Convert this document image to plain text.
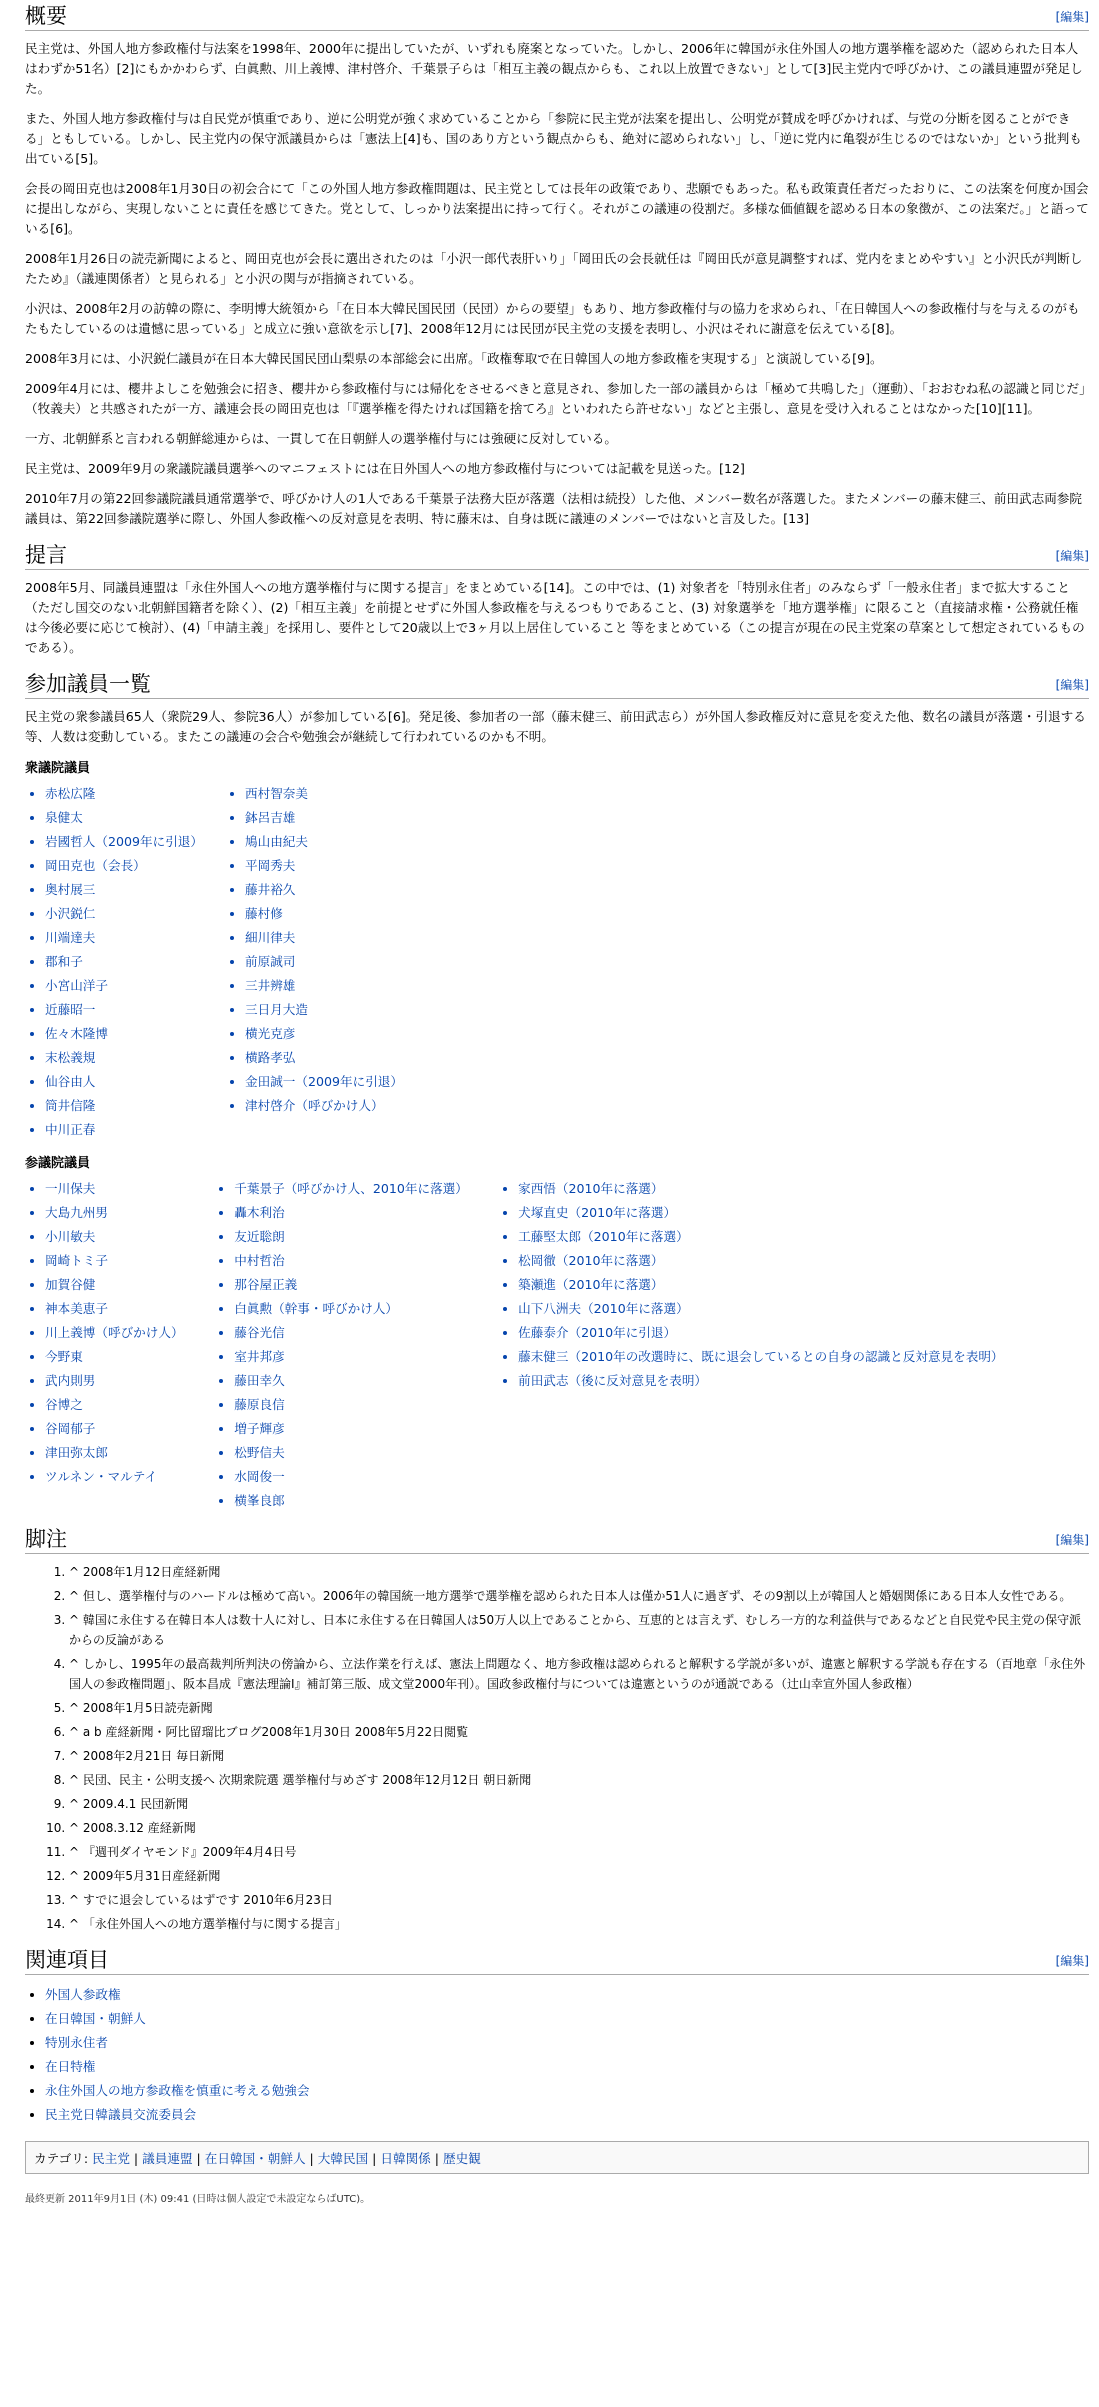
概要	[編集]

民主党は、外国人地方参政権付与法案を1998年、2000年に提出していたが、いずれも廃案となっていた。しかし、2006年に韓国が永住外国人の地方選挙権を認めた（認められた日本人はわずか51名）[2]にもかかわらず、白眞勲、川上義博、津村啓介、千葉景子らは「相互主義の観点からも、これ以上放置できない」として[3]民主党内で呼びかけ、この議員連盟が発足した。

また、外国人地方参政権付与は自民党が慎重であり、逆に公明党が強く求めていることから「参院に民主党が法案を提出し、公明党が賛成を呼びかければ、与党の分断を図ることができる」ともしている。しかし、民主党内の保守派議員からは「憲法上[4]も、国のあり方という観点からも、絶対に認められない」し、「逆に党内に亀裂が生じるのではないか」という批判も出ている[5]。

会長の岡田克也は2008年1月30日の初会合にて「この外国人地方参政権問題は、民主党としては長年の政策であり、悲願でもあった。私も政策責任者だったおりに、この法案を何度か国会に提出しながら、実現しないことに責任を感じてきた。党として、しっかり法案提出に持って行く。それがこの議連の役割だ。多様な価値観を認める日本の象徴が、この法案だ。」と語っている[6]。

2008年1月26日の読売新聞によると、岡田克也が会長に選出されたのは「小沢一郎代表肝いり」「岡田氏の会長就任は『岡田氏が意見調整すれば、党内をまとめやすい』と小沢氏が判断したため』（議連関係者）と見られる」と小沢の関与が指摘されている。

小沢は、2008年2月の訪韓の際に、李明博大統領から「在日本大韓民国民団（民団）からの要望」もあり、地方参政権付与の協力を求められ、「在日韓国人への参政権付与を与えるのがもたもたしているのは遺憾に思っている」と成立に強い意欲を示し[7]、2008年12月には民団が民主党の支援を表明し、小沢はそれに謝意を伝えている[8]。

2008年3月には、小沢鋭仁議員が在日本大韓民国民団山梨県の本部総会に出席。「政権奪取で在日韓国人の地方参政権を実現する」と演説している[9]。

2009年4月には、櫻井よしこを勉強会に招き、櫻井から参政権付与には帰化をさせるべきと意見され、参加した一部の議員からは「極めて共鳴した」（運動）、「おおむね私の認識と同じだ」（牧義夫）と共感されたが一方、議連会長の岡田克也は「『選挙権を得たければ国籍を捨てろ』といわれたら許せない」などと主張し、意見を受け入れることはなかった[10][11]。

一方、北朝鮮系と言われる朝鮮総連からは、一貫して在日朝鮮人の選挙権付与には強硬に反対している。

民主党は、2009年9月の衆議院議員選挙へのマニフェストには在日外国人への地方参政権付与については記載を見送った。[12]

2010年7月の第22回参議院議員通常選挙で、呼びかけ人の1人である千葉景子法務大臣が落選（法相は続投）した他、メンバー数名が落選した。またメンバーの藤末健三、前田武志両参院議員は、第22回参議院選挙に際し、外国人参政権への反対意見を表明、特に藤末は、自身は既に議連のメンバーではないと言及した。[13]

提言	[編集]

2008年5月、同議員連盟は「永住外国人への地方選挙権付与に関する提言」をまとめている[14]。この中では、(1) 対象者を「特別永住者」のみならず「一般永住者」まで拡大すること（ただし国交のない北朝鮮国籍者を除く）、(2)「相互主義」を前提とせずに外国人参政権を与えるつもりであること、(3) 対象選挙を「地方選挙権」に限ること（直接請求権・公務就任権は今後必要に応じて検討）、(4)「申請主義」を採用し、要件として20歳以上で3ヶ月以上居住していること 等をまとめている（この提言が現在の民主党案の草案として想定されているものである）。

参加議員一覧	[編集]

民主党の衆参議員65人（衆院29人、参院36人）が参加している[6]。発足後、参加者の一部（藤末健三、前田武志ら）が外国人参政権反対に意見を変えた他、数名の議員が落選・引退する等、人数は変動している。またこの議連の会合や勉強会が継続して行われているのかも不明。

衆議院議員
• 赤松広隆
• 泉健太
• 岩國哲人（2009年に引退）
• 岡田克也（会長）
• 奥村展三
• 小沢鋭仁
• 川端達夫
• 郡和子
• 小宮山洋子
• 近藤昭一
• 佐々木隆博
• 末松義規
• 仙谷由人
• 筒井信隆
• 中川正春
• 西村智奈美
• 鉢呂吉雄
• 鳩山由紀夫
• 平岡秀夫
• 藤井裕久
• 藤村修
• 細川律夫
• 前原誠司
• 三井辨雄
• 三日月大造
• 横光克彦
• 横路孝弘
• 金田誠一（2009年に引退）
• 津村啓介（呼びかけ人）
参議院議員
• 一川保夫
• 大島九州男
• 小川敏夫
• 岡崎トミ子
• 加賀谷健
• 神本美恵子
• 川上義博（呼びかけ人）
• 今野東
• 武内則男
• 谷博之
• 谷岡郁子
• 津田弥太郎
• ツルネン・マルテイ
• 千葉景子（呼びかけ人、2010年に落選）
• 轟木利治
• 友近聡朗
• 中村哲治
• 那谷屋正義
• 白眞勲（幹事・呼びかけ人）
• 藤谷光信
• 室井邦彦
• 藤田幸久
• 藤原良信
• 増子輝彦
• 松野信夫
• 水岡俊一
• 横峯良郎
• 家西悟（2010年に落選）
• 犬塚直史（2010年に落選）
• 工藤堅太郎（2010年に落選）
• 松岡徹（2010年に落選）
• 築瀬進（2010年に落選）
• 山下八洲夫（2010年に落選）
• 佐藤泰介（2010年に引退）
• 藤末健三（2010年の改選時に、既に退会しているとの自身の認識と反対意見を表明）
• 前田武志（後に反対意見を表明）
脚注	[編集]
1. ^ 2008年1月12日産経新聞
2. ^ 但し、選挙権付与のハードルは極めて高い。2006年の韓国統一地方選挙で選挙権を認められた日本人は僅か51人に過ぎず、その9割以上が韓国人と婚姻関係にある日本人女性である。
3. ^ 韓国に永住する在韓日本人は数十人に対し、日本に永住する在日韓国人は50万人以上であることから、互恵的とは言えず、むしろ一方的な利益供与であるなどと自民党や民主党の保守派からの反論がある
4. ^ しかし、1995年の最高裁判所判決の傍論から、立法作業を行えば、憲法上問題なく、地方参政権は認められると解釈する学説が多いが、違憲と解釈する学説も存在する（百地章「永住外国人の参政権問題」、阪本昌成『憲法理論Ⅰ』補訂第三版、成文堂2000年刊）。国政参政権付与については違憲というのが通説である（辻山幸宣外国人参政権）
5. ^ 2008年1月5日読売新聞
6. ^ a b 産経新聞・阿比留瑠比ブログ2008年1月30日 2008年5月22日閲覧
7. ^ 2008年2月21日 毎日新聞
8. ^ 民団、民主・公明支援へ 次期衆院選 選挙権付与めざす 2008年12月12日 朝日新聞
9. ^ 2009.4.1 民団新聞
10. ^ 2008.3.12 産経新聞
11. ^ 『週刊ダイヤモンド』2009年4月4日号
12. ^ 2009年5月31日産経新聞
13. ^ すでに退会しているはずです 2010年6月23日
14. ^ 「永住外国人への地方選挙権付与に関する提言」
関連項目	[編集]
• 外国人参政権
• 在日韓国・朝鮮人
• 特別永住者
• 在日特権
• 永住外国人の地方参政権を慎重に考える勉強会
• 民主党日韓議員交流委員会
カテゴリ: 民主党 | 議員連盟 | 在日韓国・朝鮮人 | 大韓民国 | 日韓関係 | 歴史観
最終更新 2011年9月1日 (木) 09:41 (日時は個人設定で未設定ならばUTC)。
